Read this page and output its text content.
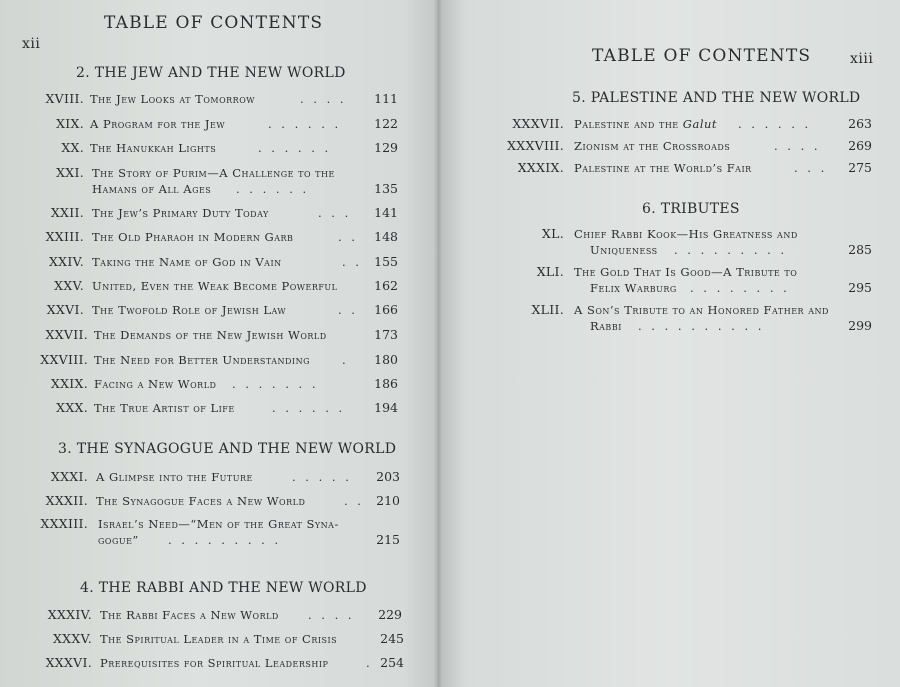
xii
TABLE OF CONTENTS
2. THE JEW AND THE NEW WORLD
XVIII. The Jew Looks at Tomorrow	. . . .	111
XIX. A Program for the Jew	. . . . . .	122
XX. The Hanukkah Lights	. . . . . .	129
XXI. The Story of Purim—A Challenge to the
Hamans of All Ages . . . . . .	135
XXII. The Jew’s Primary Duty Today	. . .	141
XXIII. The Old Pharaoh in Modern Garb	. .	148
XXIV. Taking the Name of God in Vain	. . 155
XXV. United, Even the Weak Become Powerful	162
XXVI. The Twofold Role of Jewish Law	. .	166
XXVII. The Demands of the New Jewish World	173
XXVIII. The Need for Better Understanding	.	180
XXIX. Facing a New World . . . . . . .	186
XXX. The True Artist of Life	. . . . . .	194
3. THE SYNAGOGUE AND THE NEW WORLD
XXXI. A Glimpse into the Future	. . . . .	203
XXXII. The Synagogue Faces a New World	. . 210
XXXIII. Israel’s Need—“Men of the Great Syna-
gogue”	. . . . . . . . .	215
4. THE RABBI AND THE NEW WORLD
XXXIV. The Rabbi Faces a New World	. . . .	229
XXXV. The Spiritual Leader in a Time of Crisis	245
XXXVI. Prerequisites for Spiritual Leadership	. 254
TABLE OF CONTENTS	xiii
5. PALESTINE AND THE NEW WORLD
XXXVII. Palestine and the Galut . . . . . .	263
XXXVIII. Zionism at the Crossroads	. . . .	269
XXXIX. Palestine at the World’s Fair	. . .	275
6. TRIBUTES
XL. Chief Rabbi Kook—His Greatness and
Uniqueness . . . . . . . . .	285
XLI. The Gold That Is Good—A Tribute to
Felix Warburg . . . . . . . .	295
XLII. A Son’s Tribute to an Honored Father and
Rabbi . . . . . . . . . .	299
